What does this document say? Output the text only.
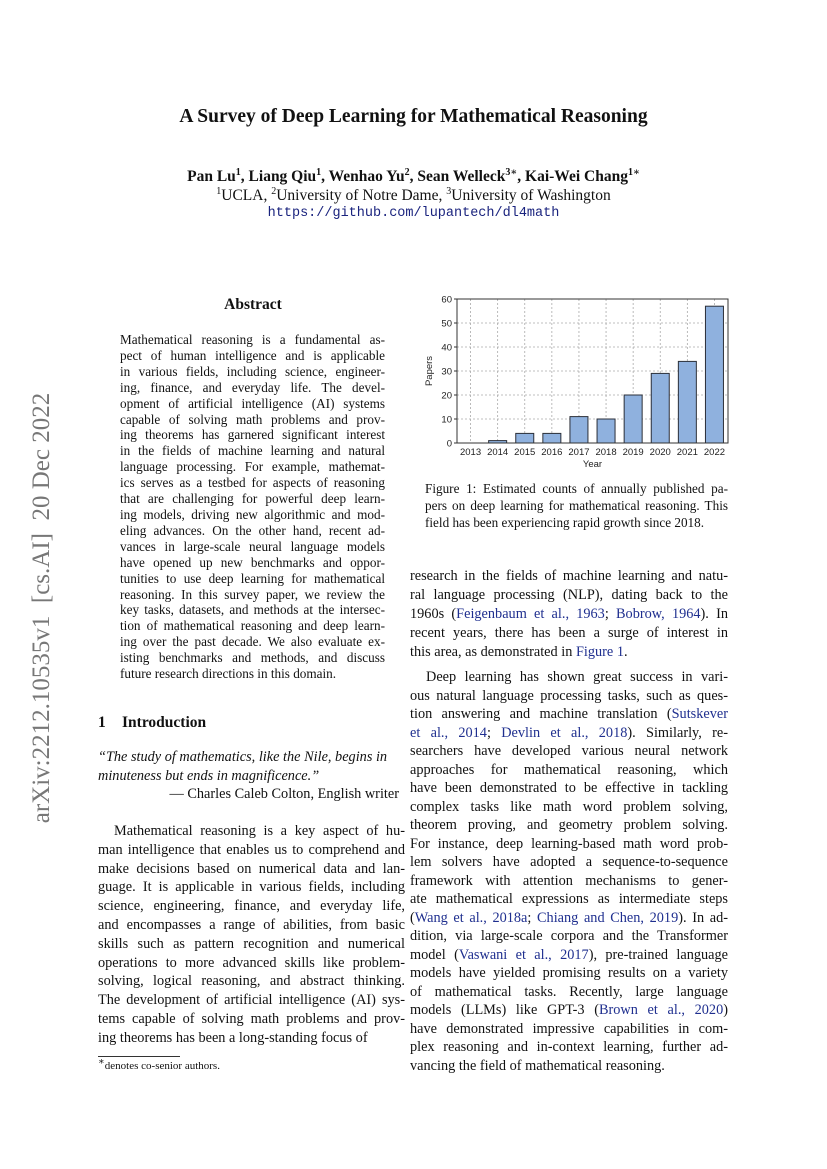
A Survey of Deep Learning for Mathematical Reasoning
Pan Lu$^1$, Liang Qiu$^1$, Wenhao Yu$^2$, Sean Welleck$^{3∗}$, Kai-Wei Chang$^{1∗}$
$^1$UCLA, $^2$University of Notre Dame, $^3$University of Washington
https://github.com/lupantech/dl4math
arXiv:2212.10535v1  [cs.AI]  20 Dec 2022
Abstract
Mathematical reasoning is a fundamental as-
pect of human intelligence and is applicable
in various fields, including science, engineer-
ing, finance, and everyday life. The devel-
opment of artificial intelligence (AI) systems
capable of solving math problems and prov-
ing theorems has garnered significant interest
in the fields of machine learning and natural
language processing. For example, mathemat-
ics serves as a testbed for aspects of reasoning
that are challenging for powerful deep learn-
ing models, driving new algorithmic and mod-
eling advances. On the other hand, recent ad-
vances in large-scale neural language models
have opened up new benchmarks and oppor-
tunities to use deep learning for mathematical
reasoning. In this survey paper, we review the
key tasks, datasets, and methods at the intersec-
tion of mathematical reasoning and deep learn-
ing over the past decade. We also evaluate ex-
isting benchmarks and methods, and discuss
future research directions in this domain.
1 Introduction
“The study of mathematics, like the Nile, begins in
minuteness but ends in magnificence.”
— Charles Caleb Colton, English writer
Mathematical reasoning is a key aspect of hu-
man intelligence that enables us to comprehend and
make decisions based on numerical data and lan-
guage. It is applicable in various fields, including
science, engineering, finance, and everyday life,
and encompasses a range of abilities, from basic
skills such as pattern recognition and numerical
operations to more advanced skills like problem-
solving, logical reasoning, and abstract thinking.
The development of artificial intelligence (AI) sys-
tems capable of solving math problems and prov-
ing theorems has been a long-standing focus of
∗denotes co-senior authors.
0
10
20
30
40
50
60
2013 2014 2015 2016 2017 2018 2019 2020 2021 2022
Year
Papers
Figure 1: Estimated counts of annually published pa-
pers on deep learning for mathematical reasoning. This
field has been experiencing rapid growth since 2018.
research in the fields of machine learning and natu-
ral language processing (NLP), dating back to the
1960s (Feigenbaum et al., 1963; Bobrow, 1964). In
recent years, there has been a surge of interest in
this area, as demonstrated in Figure 1.
Deep learning has shown great success in vari-
ous natural language processing tasks, such as ques-
tion answering and machine translation (Sutskever
et al., 2014; Devlin et al., 2018). Similarly, re-
searchers have developed various neural network
approaches for mathematical reasoning, which
have been demonstrated to be effective in tackling
complex tasks like math word problem solving,
theorem proving, and geometry problem solving.
For instance, deep learning-based math word prob-
lem solvers have adopted a sequence-to-sequence
framework with attention mechanisms to gener-
ate mathematical expressions as intermediate steps
(Wang et al., 2018a; Chiang and Chen, 2019). In ad-
dition, via large-scale corpora and the Transformer
model (Vaswani et al., 2017), pre-trained language
models have yielded promising results on a variety
of mathematical tasks. Recently, large language
models (LLMs) like GPT-3 (Brown et al., 2020)
have demonstrated impressive capabilities in com-
plex reasoning and in-context learning, further ad-
vancing the field of mathematical reasoning.
